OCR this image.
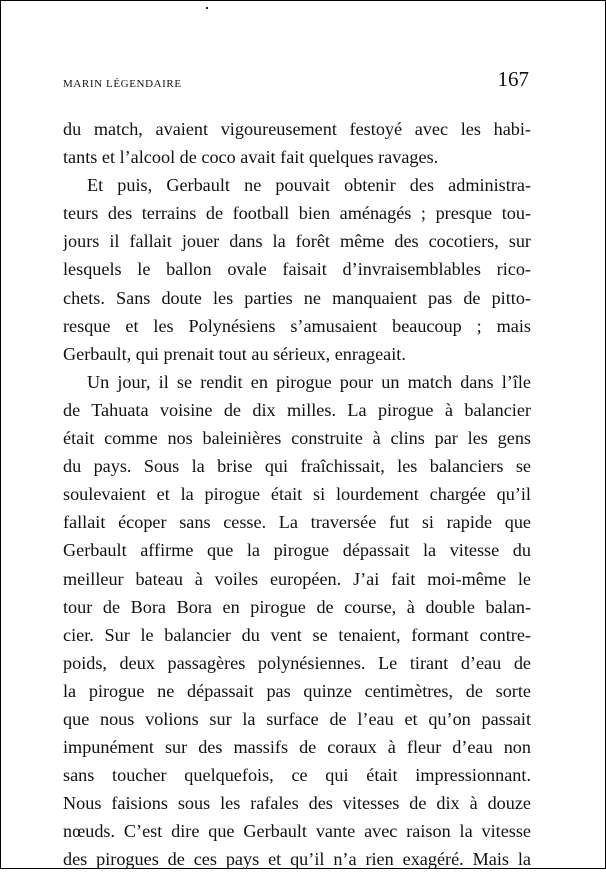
marin légendaire	167
du match, avaient vigoureusement festoyé avec les habi-
tants et l’alcool de coco avait fait quelques ravages.
Et puis, Gerbault ne pouvait obtenir des administra-
teurs des terrains de football bien aménagés ; presque tou-
jours il fallait jouer dans la forêt même des cocotiers, sur
lesquels le ballon ovale faisait d’invraisemblables rico-
chets. Sans doute les parties ne manquaient pas de pitto-
resque et les Polynésiens s’amusaient beaucoup ; mais
Gerbault, qui prenait tout au sérieux, enrageait.
Un jour, il se rendit en pirogue pour un match dans l’île
de Tahuata voisine de dix milles. La pirogue à balancier
était comme nos baleinières construite à clins par les gens
du pays. Sous la brise qui fraîchissait, les balanciers se
soulevaient et la pirogue était si lourdement chargée qu’il
fallait écoper sans cesse. La traversée fut si rapide que
Gerbault affirme que la pirogue dépassait la vitesse du
meilleur bateau à voiles européen. J’ai fait moi-même le
tour de Bora Bora en pirogue de course, à double balan-
cier. Sur le balancier du vent se tenaient, formant contre-
poids, deux passagères polynésiennes. Le tirant d’eau de
la pirogue ne dépassait pas quinze centimètres, de sorte
que nous volions sur la surface de l’eau et qu’on passait
impunément sur des massifs de coraux à fleur d’eau non
sans toucher quelquefois, ce qui était impressionnant.
Nous faisions sous les rafales des vitesses de dix à douze
nœuds. C’est dire que Gerbault vante avec raison la vitesse
des pirogues de ces pays et qu’il n’a rien exagéré. Mais la
